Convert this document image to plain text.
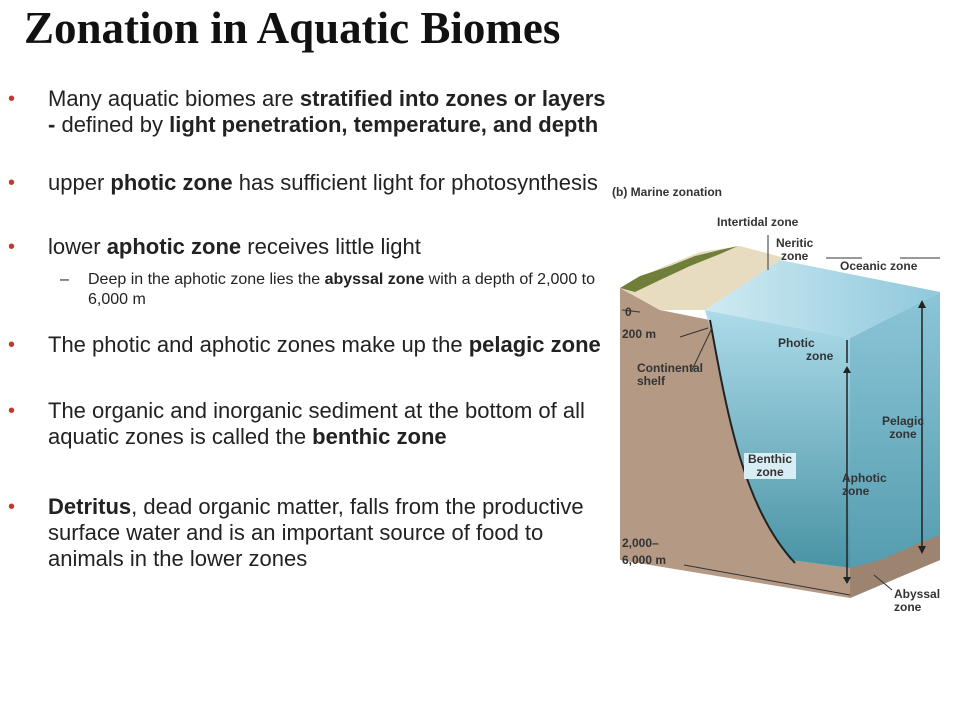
Zonation in Aquatic Biomes
• Many aquatic biomes are stratified into zones or layers - defined by light penetration, temperature, and depth
• upper photic zone has sufficient light for photosynthesis
• lower aphotic zone receives little light
– Deep in the aphotic zone lies the abyssal zone with a depth of 2,000 to 6,000 m
• The photic and aphotic zones make up the pelagic zone
• The organic and inorganic sediment at the bottom of all aquatic zones is called the benthic zone
• Detritus, dead organic matter, falls from the productive surface water and is an important source of food to animals in the lower zones
(b) Marine zonation
Intertidal zone
Neritic
zone
Oceanic zone
0
200 m
Continental
shelf
Photic
zone
Pelagic
zone
Benthic
zone	Aphotic
zone
2,000–
6,000 m
Abyssal
zone
